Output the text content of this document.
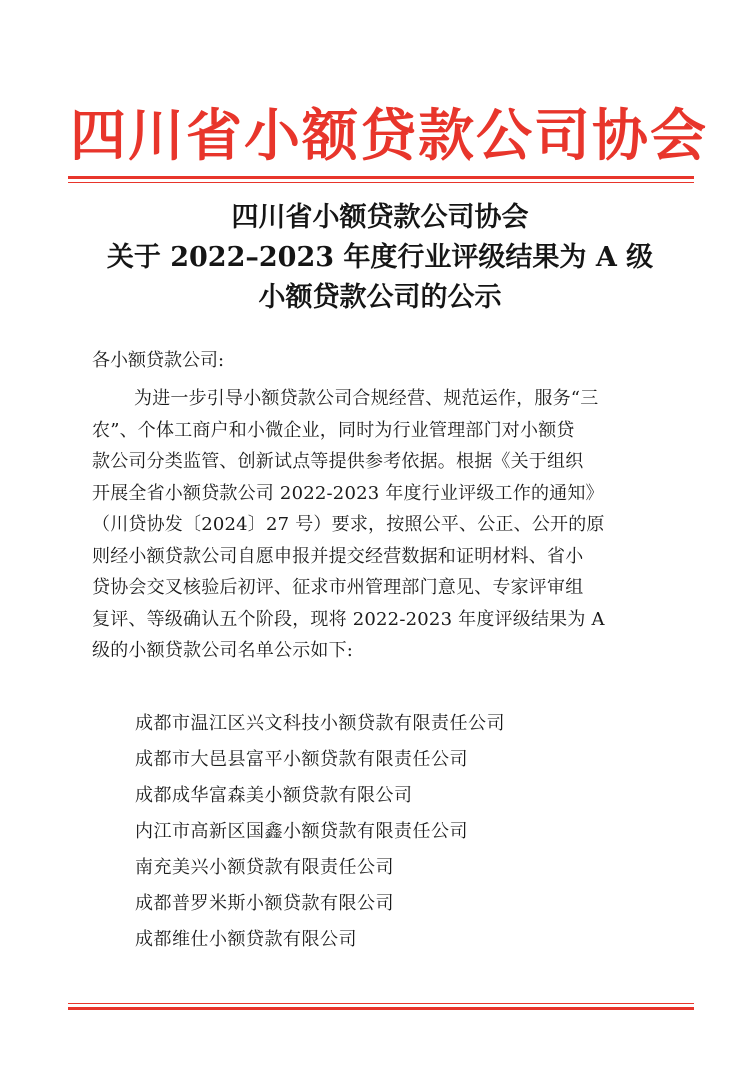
四川省小额贷款公司协会
四川省小额贷款公司协会
关于 2022–2023 年度行业评级结果为 A 级
小额贷款公司的公示
各小额贷款公司:
为进一步引导小额贷款公司合规经营、规范运作，服务“三
农”、个体工商户和小微企业，同时为行业管理部门对小额贷
款公司分类监管、创新试点等提供参考依据。根据《关于组织
开展全省小额贷款公司 2022-2023 年度行业评级工作的通知》
（川贷协发〔2024〕27 号）要求，按照公平、公正、公开的原
则经小额贷款公司自愿申报并提交经营数据和证明材料、省小
贷协会交叉核验后初评、征求市州管理部门意见、专家评审组
复评、等级确认五个阶段，现将 2022-2023 年度评级结果为 A
级的小额贷款公司名单公示如下:
成都市温江区兴文科技小额贷款有限责任公司
成都市大邑县富平小额贷款有限责任公司
成都成华富森美小额贷款有限公司
内江市高新区国鑫小额贷款有限责任公司
南充美兴小额贷款有限责任公司
成都普罗米斯小额贷款有限公司
成都维仕小额贷款有限公司
